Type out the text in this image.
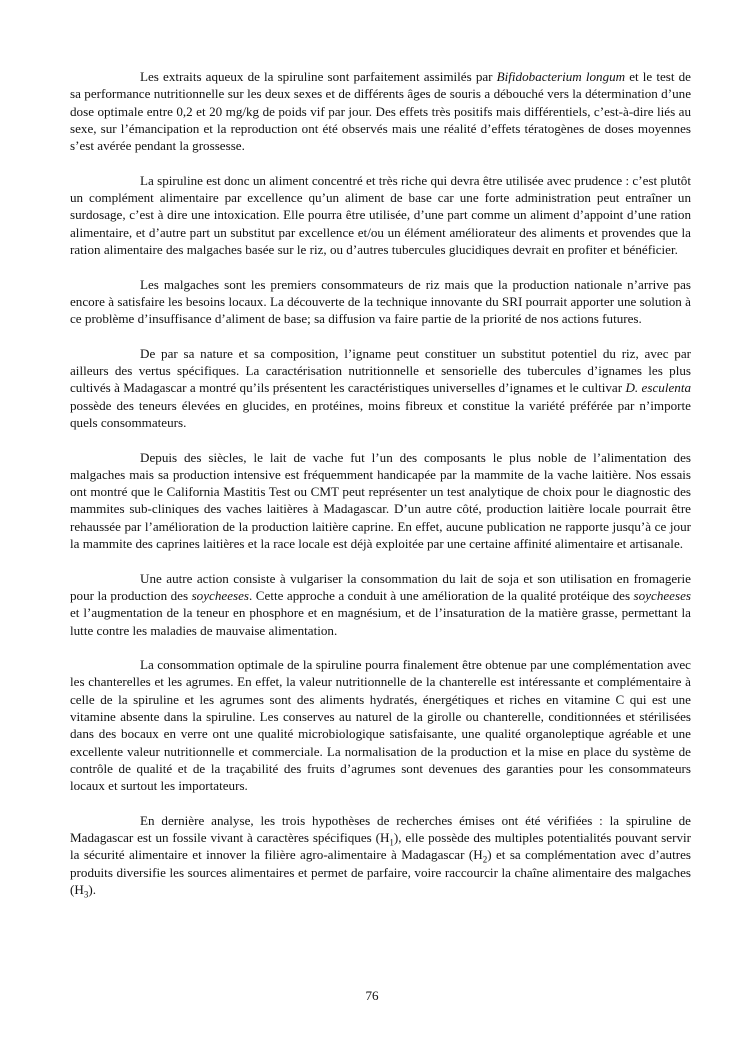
Les extraits aqueux de la spiruline sont parfaitement assimilés par Bifidobacterium longum et le test de sa performance nutritionnelle sur les deux sexes et de différents âges de souris a débouché vers la détermination d’une dose optimale entre 0,2 et 20 mg/kg de poids vif par jour. Des effets très positifs mais différentiels, c’est-à-dire liés au sexe, sur l’émancipation et la reproduction ont été observés mais une réalité d’effets tératogènes de doses moyennes s’est avérée pendant la grossesse.

La spiruline est donc un aliment concentré et très riche qui devra être utilisée avec prudence : c’est plutôt un complément alimentaire par excellence qu’un aliment de base car une forte administration peut entraîner un surdosage, c’est à dire une intoxication. Elle pourra être utilisée, d’une part comme un aliment d’appoint d’une ration alimentaire, et d’autre part un substitut par excellence et/ou un élément améliorateur des aliments et provendes que la ration alimentaire des malgaches basée sur le riz, ou d’autres tubercules glucidiques devrait en profiter et bénéficier.

Les malgaches sont les premiers consommateurs de riz mais que la production nationale n’arrive pas encore à satisfaire les besoins locaux. La découverte de la technique innovante du SRI pourrait apporter une solution à ce problème d’insuffisance d’aliment de base; sa diffusion va faire partie de la priorité de nos actions futures.

De par sa nature et sa composition, l’igname peut constituer un substitut potentiel du riz, avec par ailleurs des vertus spécifiques. La caractérisation nutritionnelle et sensorielle des tubercules d’ignames les plus cultivés à Madagascar a montré qu’ils présentent les caractéristiques universelles d’ignames et le cultivar D. esculenta possède des teneurs élevées en glucides, en protéines, moins fibreux et constitue la variété préférée par n’importe quels consommateurs.

Depuis des siècles, le lait de vache fut l’un des composants le plus noble de l’alimentation des malgaches mais sa production intensive est fréquemment handicapée par la mammite de la vache laitière. Nos essais ont montré que le California Mastitis Test ou CMT peut représenter un test analytique de choix pour le diagnostic des mammites sub-cliniques des vaches laitières à Madagascar. D’un autre côté, production laitière locale pourrait être rehaussée par l’amélioration de la production laitière caprine. En effet, aucune publication ne rapporte jusqu’à ce jour la mammite des caprines laitières et la race locale est déjà exploitée par une certaine affinité alimentaire et artisanale.

Une autre action consiste à vulgariser la consommation du lait de soja et son utilisation en fromagerie pour la production des soycheeses. Cette approche a conduit à une amélioration de la qualité protéique des soycheeses et l’augmentation de la teneur en phosphore et en magnésium, et de l’insaturation de la matière grasse, permettant la lutte contre les maladies de mauvaise alimentation.

La consommation optimale de la spiruline pourra finalement être obtenue par une complémentation avec les chanterelles et les agrumes. En effet, la valeur nutritionnelle de la chanterelle est intéressante et complémentaire à celle de la spiruline et les agrumes sont des aliments hydratés, énergétiques et riches en vitamine C qui est une vitamine absente dans la spiruline. Les conserves au naturel de la girolle ou chanterelle, conditionnées et stérilisées dans des bocaux en verre ont une qualité microbiologique satisfaisante, une qualité organoleptique agréable et une excellente valeur nutritionnelle et commerciale. La normalisation de la production et la mise en place du système de contrôle de qualité et de la traçabilité des fruits d’agrumes sont devenues des garanties pour les consommateurs locaux et surtout les importateurs.

En dernière analyse, les trois hypothèses de recherches émises ont été vérifiées : la spiruline de Madagascar est un fossile vivant à caractères spécifiques $(H_1)$, elle possède des multiples potentialités pouvant servir la sécurité alimentaire et innover la filière agro-alimentaire à Madagascar $(H_2)$ et sa complémentation avec d’autres produits diversifie les sources alimentaires et permet de parfaire, voire raccourcir la chaîne alimentaire des malgaches $(H_3)$.

76
